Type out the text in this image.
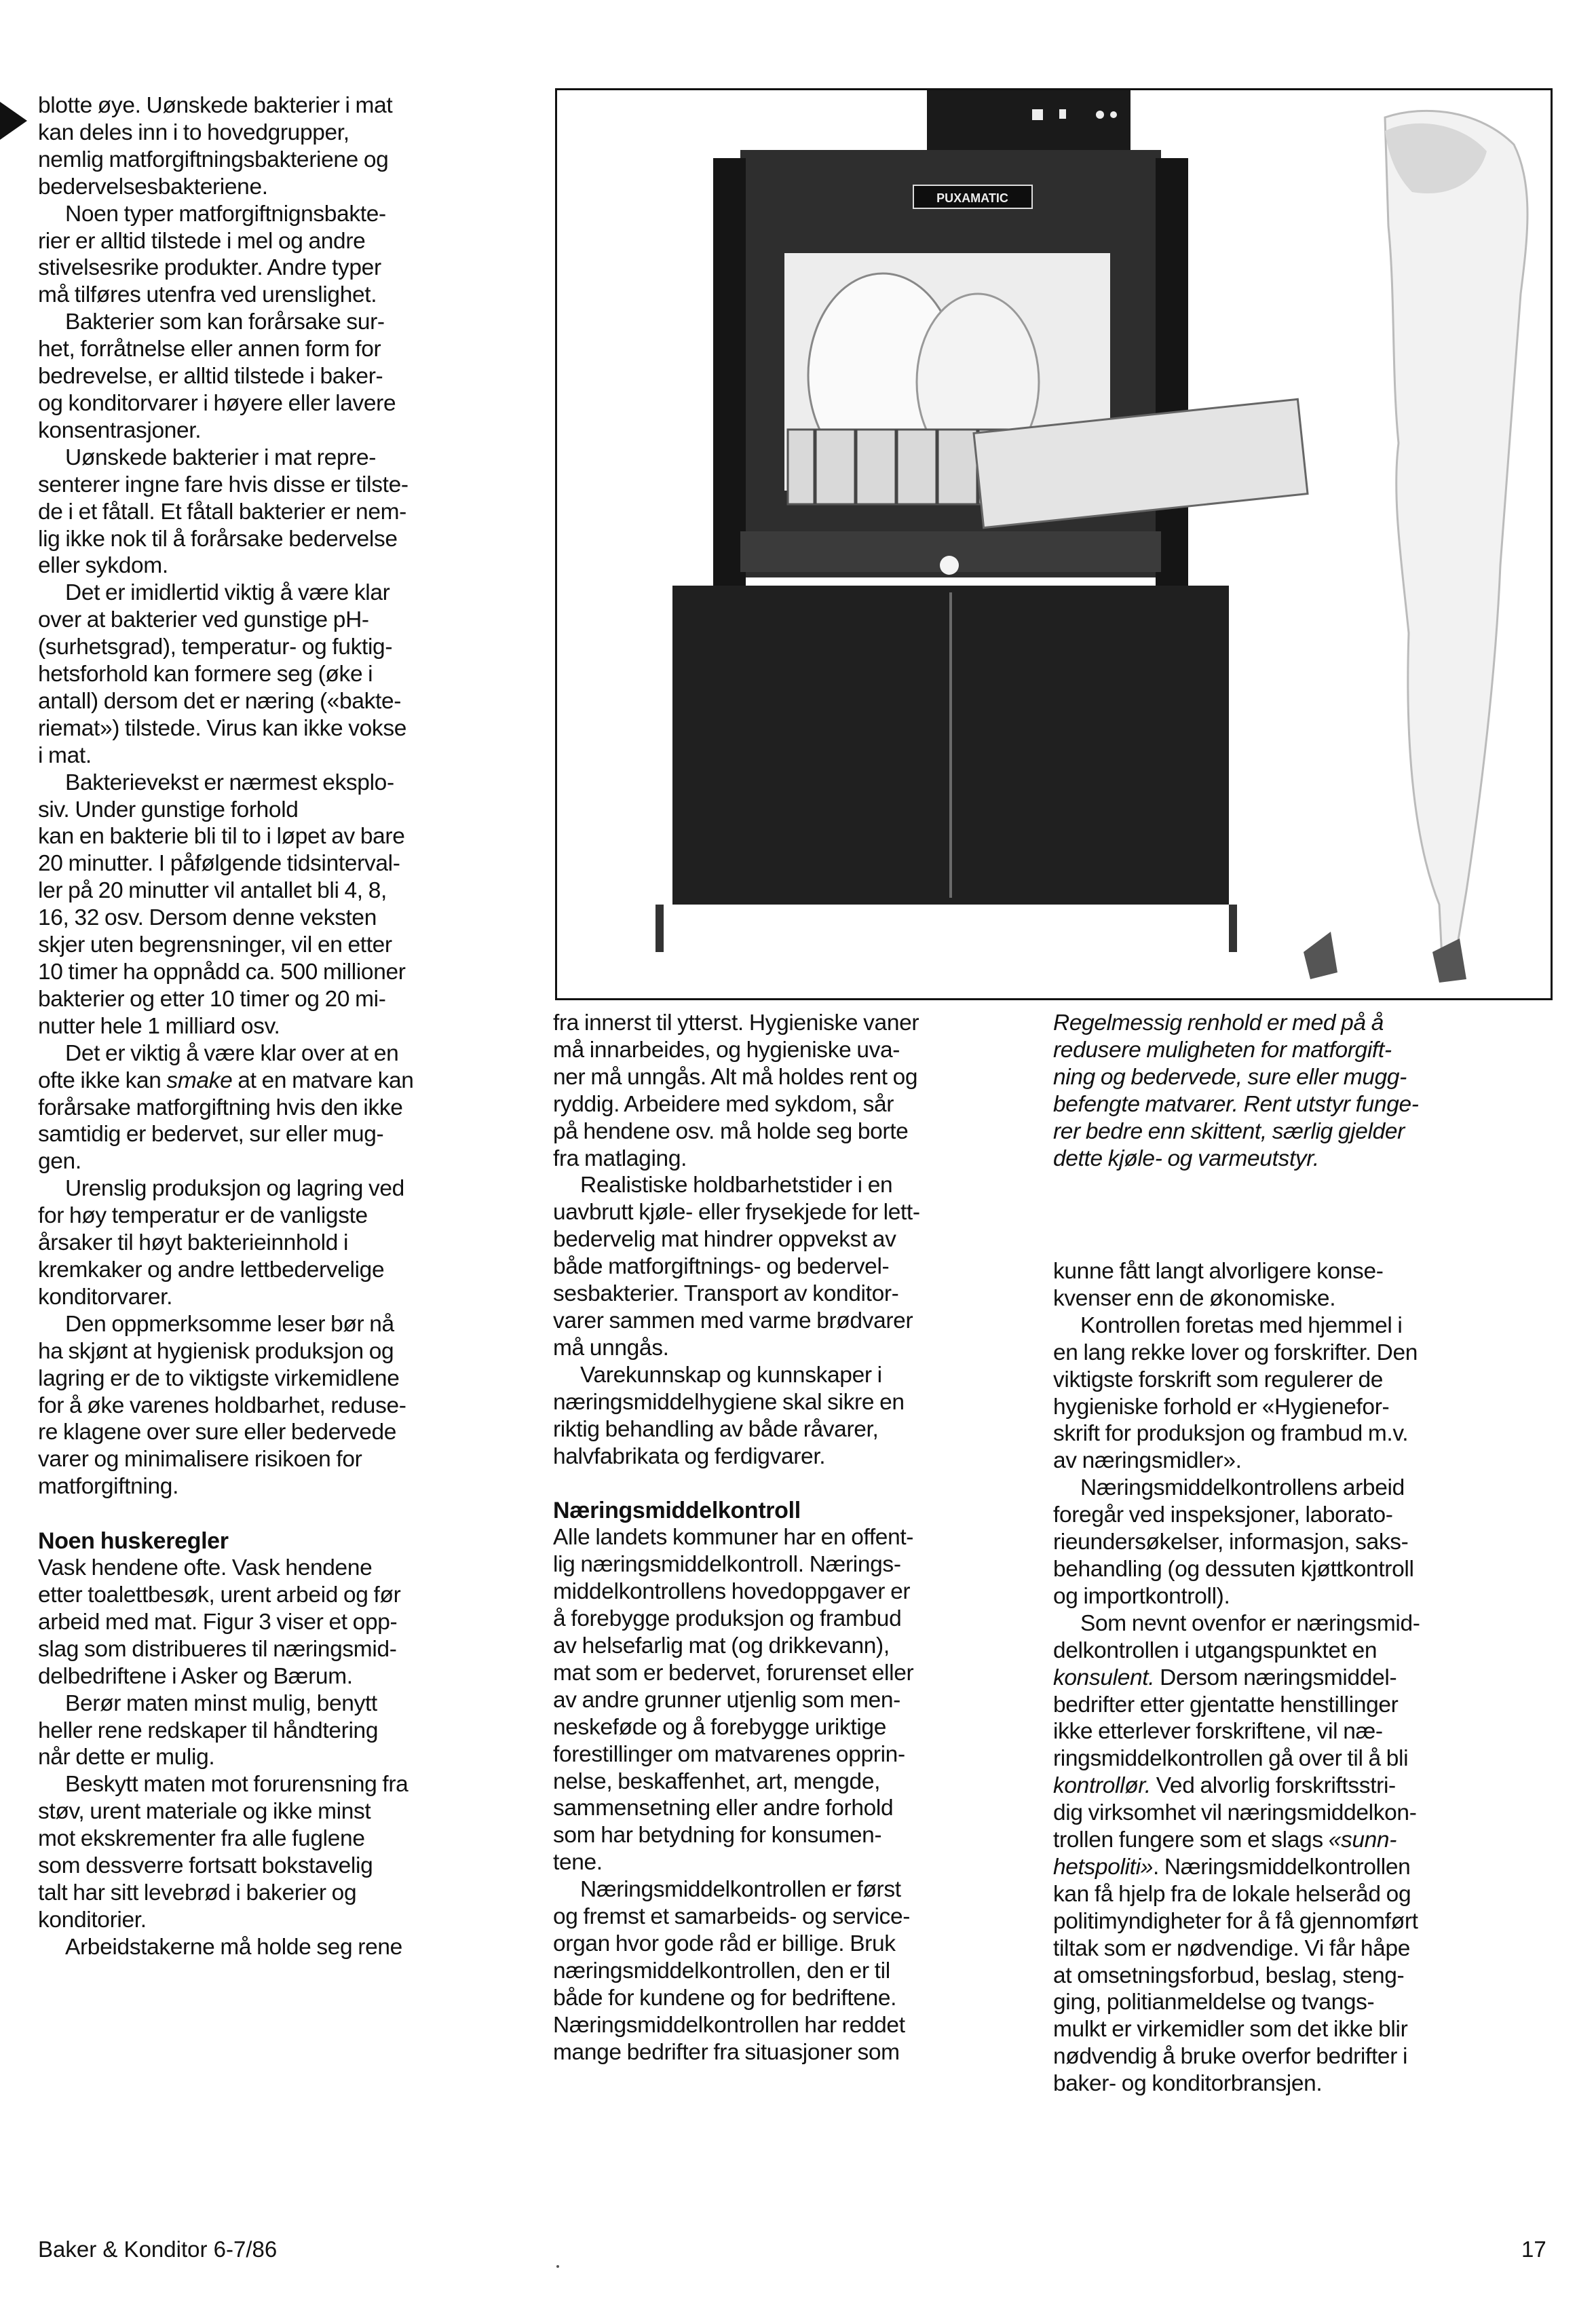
blotte øye. Uønskede bakterier i mat
kan deles inn i to hovedgrupper,
nemlig matforgiftningsbakteriene og
bedervelsesbakteriene.

Noen typer matforgiftnignsbakte-
rier er alltid tilstede i mel og andre
stivelsesrike produkter. Andre typer
må tilføres utenfra ved urenslighet.

Bakterier som kan forårsake sur-
het, forråtnelse eller annen form for
bedrevelse, er alltid tilstede i baker-
og konditorvarer i høyere eller lavere
konsentrasjoner.

Uønskede bakterier i mat repre-
senterer ingne fare hvis disse er tilste-
de i et fåtall. Et fåtall bakterier er nem-
lig ikke nok til å forårsake bedervelse
eller sykdom.

Det er imidlertid viktig å være klar
over at bakterier ved gunstige pH-
(surhetsgrad), temperatur- og fuktig-
hetsforhold kan formere seg (øke i
antall) dersom det er næring («bakte-
riemat») tilstede. Virus kan ikke vokse
i mat.

Bakterievekst er nærmest eksplo-
siv. Under gunstige forhold
kan en bakterie bli til to i løpet av bare
20 minutter. I påfølgende tidsinterval-
ler på 20 minutter vil antallet bli 4, 8,
16, 32 osv. Dersom denne veksten
skjer uten begrensninger, vil en etter
10 timer ha oppnådd ca. 500 millioner
bakterier og etter 10 timer og 20 mi-
nutter hele 1 milliard osv.

Det er viktig å være klar over at en
ofte ikke kan smake at en matvare kan
forårsake matforgiftning hvis den ikke
samtidig er bedervet, sur eller mug-
gen.

Urenslig produksjon og lagring ved
for høy temperatur er de vanligste
årsaker til høyt bakterieinnhold i
kremkaker og andre lettbedervelige
konditorvarer.

Den oppmerksomme leser bør nå
ha skjønt at hygienisk produksjon og
lagring er de to viktigste virkemidlene
for å øke varenes holdbarhet, reduse-
re klagene over sure eller bedervede
varer og minimalisere risikoen for
matforgiftning.

Noen huskeregler

Vask hendene ofte. Vask hendene
etter toalettbesøk, urent arbeid og før
arbeid med mat. Figur 3 viser et opp-
slag som distribueres til næringsmid-
delbedriftene i Asker og Bærum.

Berør maten minst mulig, benytt
heller rene redskaper til håndtering
når dette er mulig.

Beskytt maten mot forurensning fra
støv, urent materiale og ikke minst
mot ekskrementer fra alle fuglene
som dessverre fortsatt bokstavelig
talt har sitt levebrød i bakerier og
konditorier.

Arbeidstakerne må holde seg rene

PUXAMATIC

fra innerst til ytterst. Hygieniske vaner
må innarbeides, og hygieniske uva-
ner må unngås. Alt må holdes rent og
ryddig. Arbeidere med sykdom, sår
på hendene osv. må holde seg borte
fra matlaging.

Realistiske holdbarhetstider i en
uavbrutt kjøle- eller frysekjede for lett-
bedervelig mat hindrer oppvekst av
både matforgiftnings- og bedervel-
sesbakterier. Transport av konditor-
varer sammen med varme brødvarer
må unngås.

Varekunnskap og kunnskaper i
næringsmiddelhygiene skal sikre en
riktig behandling av både råvarer,
halvfabrikata og ferdigvarer.

Næringsmiddelkontroll

Alle landets kommuner har en offent-
lig næringsmiddelkontroll. Nærings-
middelkontrollens hovedoppgaver er
å forebygge produksjon og frambud
av helsefarlig mat (og drikkevann),
mat som er bedervet, forurenset eller
av andre grunner utjenlig som men-
neskeføde og å forebygge uriktige
forestillinger om matvarenes opprin-
nelse, beskaffenhet, art, mengde,
sammensetning eller andre forhold
som har betydning for konsumen-
tene.

Næringsmiddelkontrollen er først
og fremst et samarbeids- og service-
organ hvor gode råd er billige. Bruk
næringsmiddelkontrollen, den er til
både for kundene og for bedriftene.
Næringsmiddelkontrollen har reddet
mange bedrifter fra situasjoner som

Regelmessig renhold er med på å
redusere muligheten for matforgift-
ning og bedervede, sure eller mugg-
befengte matvarer. Rent utstyr funge-
rer bedre enn skittent, særlig gjelder
dette kjøle- og varmeutstyr.

kunne fått langt alvorligere konse-
kvenser enn de økonomiske.

Kontrollen foretas med hjemmel i
en lang rekke lover og forskrifter. Den
viktigste forskrift som regulerer de
hygieniske forhold er «Hygienefor-
skrift for produksjon og frambud m.v.
av næringsmidler».

Næringsmiddelkontrollens arbeid
foregår ved inspeksjoner, laborato-
rieundersøkelser, informasjon, saks-
behandling (og dessuten kjøttkontroll
og importkontroll).

Som nevnt ovenfor er næringsmid-
delkontrollen i utgangspunktet en
konsulent. Dersom næringsmiddel-
bedrifter etter gjentatte henstillinger
ikke etterlever forskriftene, vil næ-
ringsmiddelkontrollen gå over til å bli
kontrollør. Ved alvorlig forskriftsstri-
dig virksomhet vil næringsmiddelkon-
trollen fungere som et slags «sunn-
hetspoliti». Næringsmiddelkontrollen
kan få hjelp fra de lokale helseråd og
politimyndigheter for å få gjennomført
tiltak som er nødvendige. Vi får håpe
at omsetningsforbud, beslag, steng-
ging, politianmeldelse og tvangs-
mulkt er virkemidler som det ikke blir
nødvendig å bruke overfor bedrifter i
baker- og konditorbransjen.

Baker & Konditor 6-7/86	17
